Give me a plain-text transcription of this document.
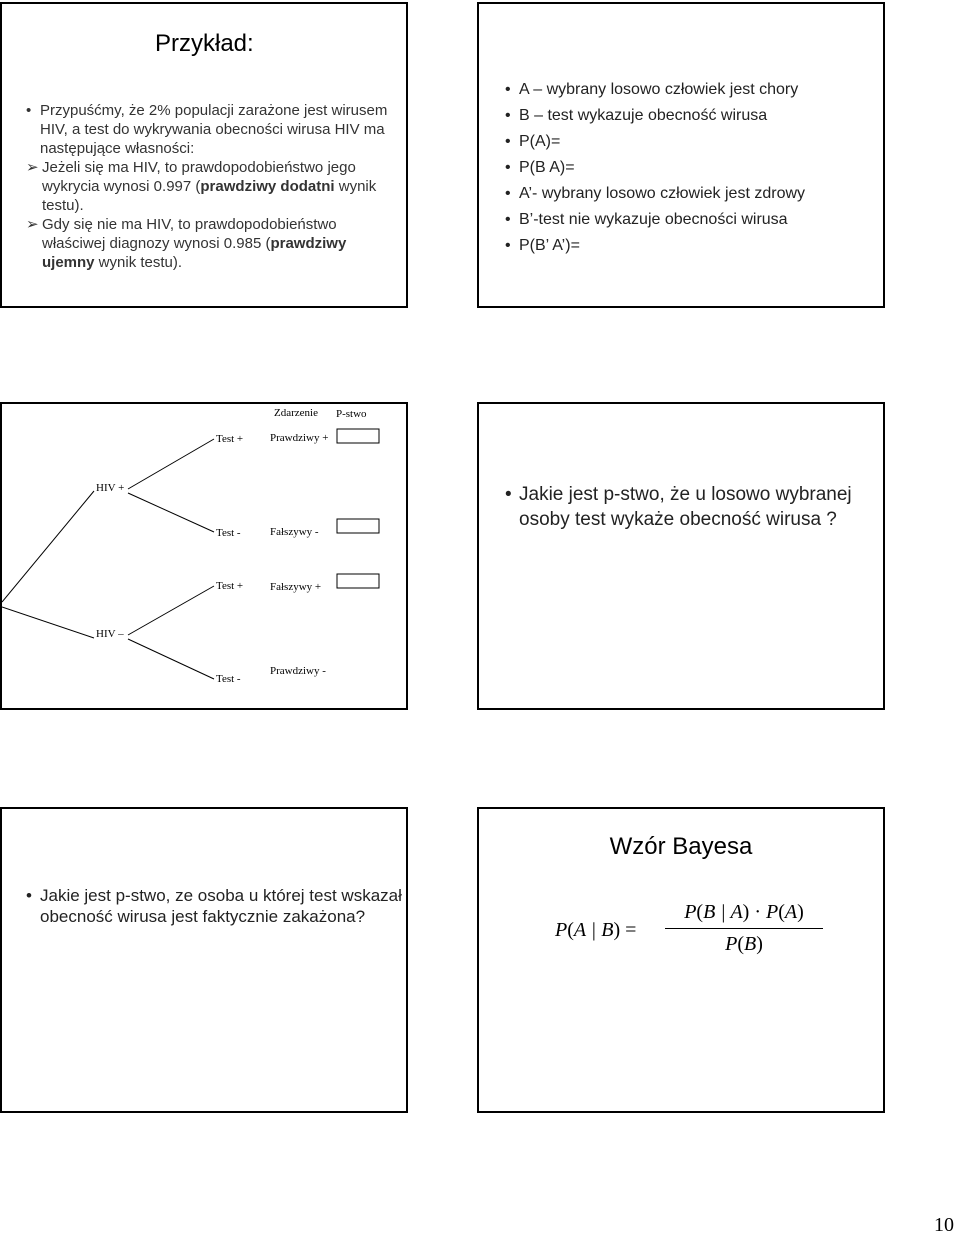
Przykład:

• Przypuśćmy, że 2% populacji zarażone jest wirusem HIV, a test do wykrywania obecności wirusa HIV ma następujące własności:

➢ Jeżeli się ma HIV, to prawdopodobieństwo jego wykrycia wynosi 0.997 (prawdziwy dodatni wynik testu).

➢ Gdy się nie ma HIV, to prawdopodobieństwo właściwej diagnozy wynosi 0.985 (prawdziwy ujemny wynik testu).

• A – wybrany losowo człowiek jest chory
• B – test wykazuje obecność wirusa
• P(A)=
• P(B A)=
• A’- wybrany losowo człowiek jest zdrowy
• B’-test nie wykazuje obecności wirusa
• P(B’ A’)=
Zdarzenie P-stwo
HIV +
HIV –
Test +
Test -
Test +
Test -
Prawdziwy +
Fałszywy -
Fałszywy +
Prawdziwy -
• Jakie jest p-stwo, że u losowo wybranej osoby test wykaże obecność wirusa ?
• Jakie jest p-stwo, ze osoba u której test wskazał obecność wirusa jest faktycznie zakażona?
Wzór Bayesa
P(A | $B) = \frac{P(B | A) \cdot P(A)}{P(B)}$
10
